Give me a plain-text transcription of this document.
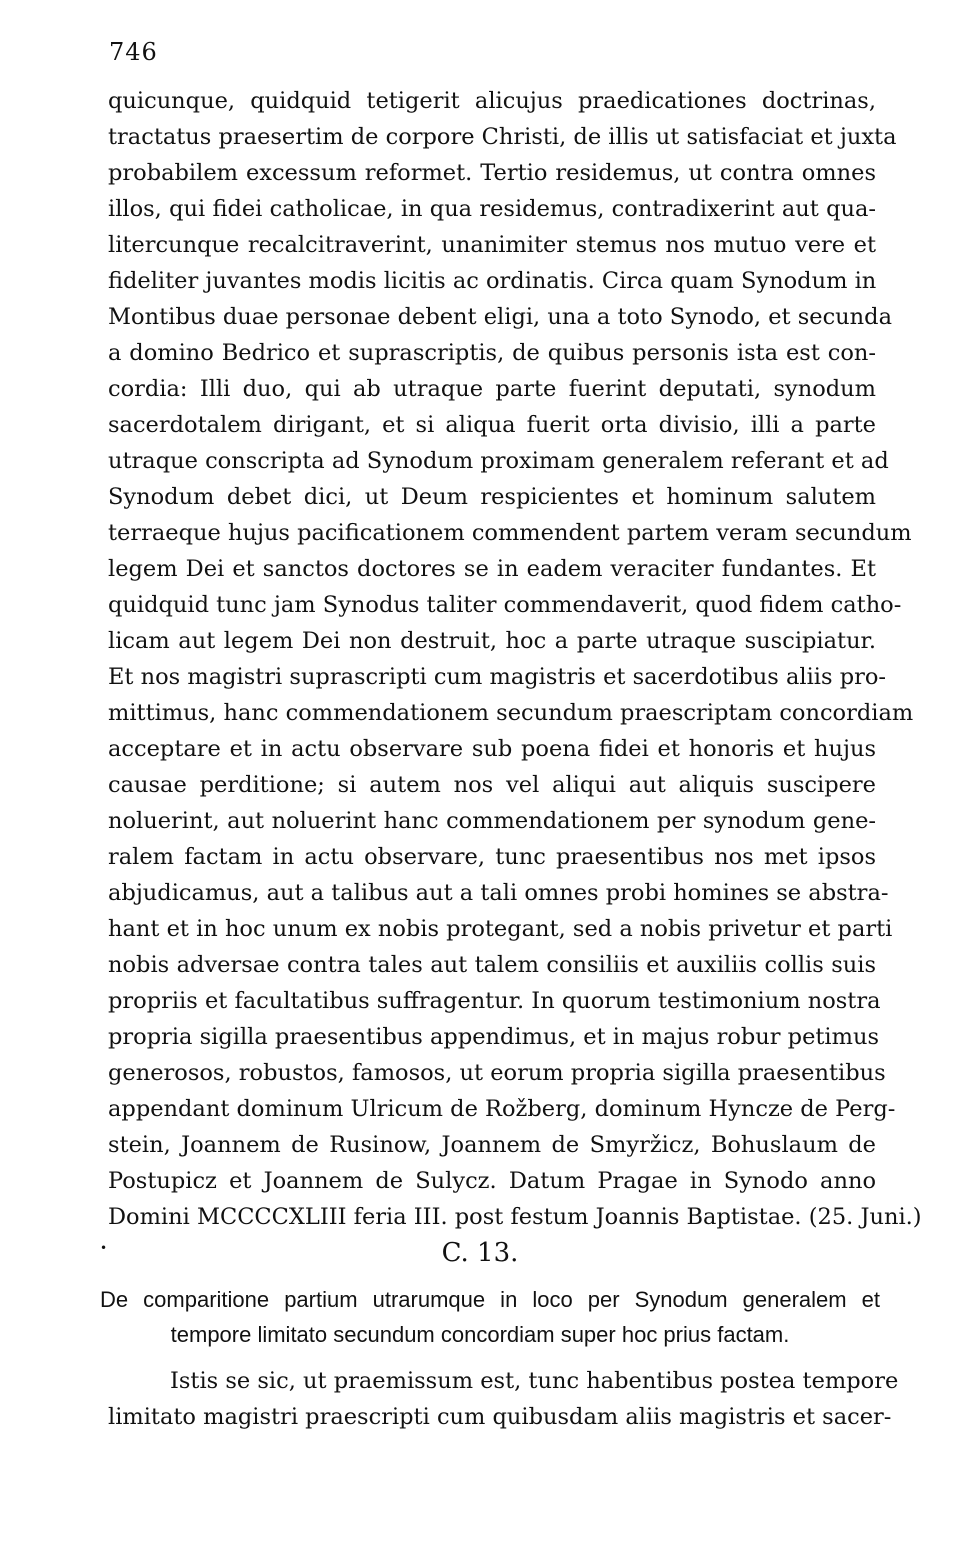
746
quicunque, quidquid tetigerit alicujus praedicationes doctrinas,
tractatus praesertim de corpore Christi, de illis ut satisfaciat et juxta
probabilem excessum reformet. Tertio residemus, ut contra omnes
illos, qui fidei catholicae, in qua residemus, contradixerint aut qua-
litercunque recalcitraverint, unanimiter stemus nos mutuo vere et
fideliter juvantes modis licitis ac ordinatis. Circa quam Synodum in
Montibus duae personae debent eligi, una a toto Synodo, et secunda
a domino Bedrico et suprascriptis, de quibus personis ista est con-
cordia: Illi duo, qui ab utraque parte fuerint deputati, synodum
sacerdotalem dirigant, et si aliqua fuerit orta divisio, illi a parte
utraque conscripta ad Synodum proximam generalem referant et ad
Synodum debet dici, ut Deum respicientes et hominum salutem
terraeque hujus pacificationem commendent partem veram secundum
legem Dei et sanctos doctores se in eadem veraciter fundantes. Et
quidquid tunc jam Synodus taliter commendaverit, quod fidem catho-
licam aut legem Dei non destruit, hoc a parte utraque suscipiatur.
Et nos magistri suprascripti cum magistris et sacerdotibus aliis pro-
mittimus, hanc commendationem secundum praescriptam concordiam
acceptare et in actu observare sub poena fidei et honoris et hujus
causae perditione; si autem nos vel aliqui aut aliquis suscipere
noluerint, aut noluerint hanc commendationem per synodum gene-
ralem factam in actu observare, tunc praesentibus nos met ipsos
abjudicamus, aut a talibus aut a tali omnes probi homines se abstra-
hant et in hoc unum ex nobis protegant, sed a nobis privetur et parti
nobis adversae contra tales aut talem consiliis et auxiliis collis suis
propriis et facultatibus suffragentur. In quorum testimonium nostra
propria sigilla praesentibus appendimus, et in majus robur petimus
generosos, robustos, famosos, ut eorum propria sigilla praesentibus
appendant dominum Ulricum de Rožberg, dominum Hyncze de Perg-
stein, Joannem de Rusinow, Joannem de Smyržicz, Bohuslaum de
Postupicz et Joannem de Sulycz. Datum Pragae in Synodo anno
Domini MCCCCXLIII feria III. post festum Joannis Baptistae. (25. Juni.)
•	C. 13.
De comparitione partium utrarumque in loco per Synodum generalem et
tempore limitato secundum concordiam super hoc prius factam.
Istis se sic, ut praemissum est, tunc habentibus postea tempore
limitato magistri praescripti cum quibusdam aliis magistris et sacer-
